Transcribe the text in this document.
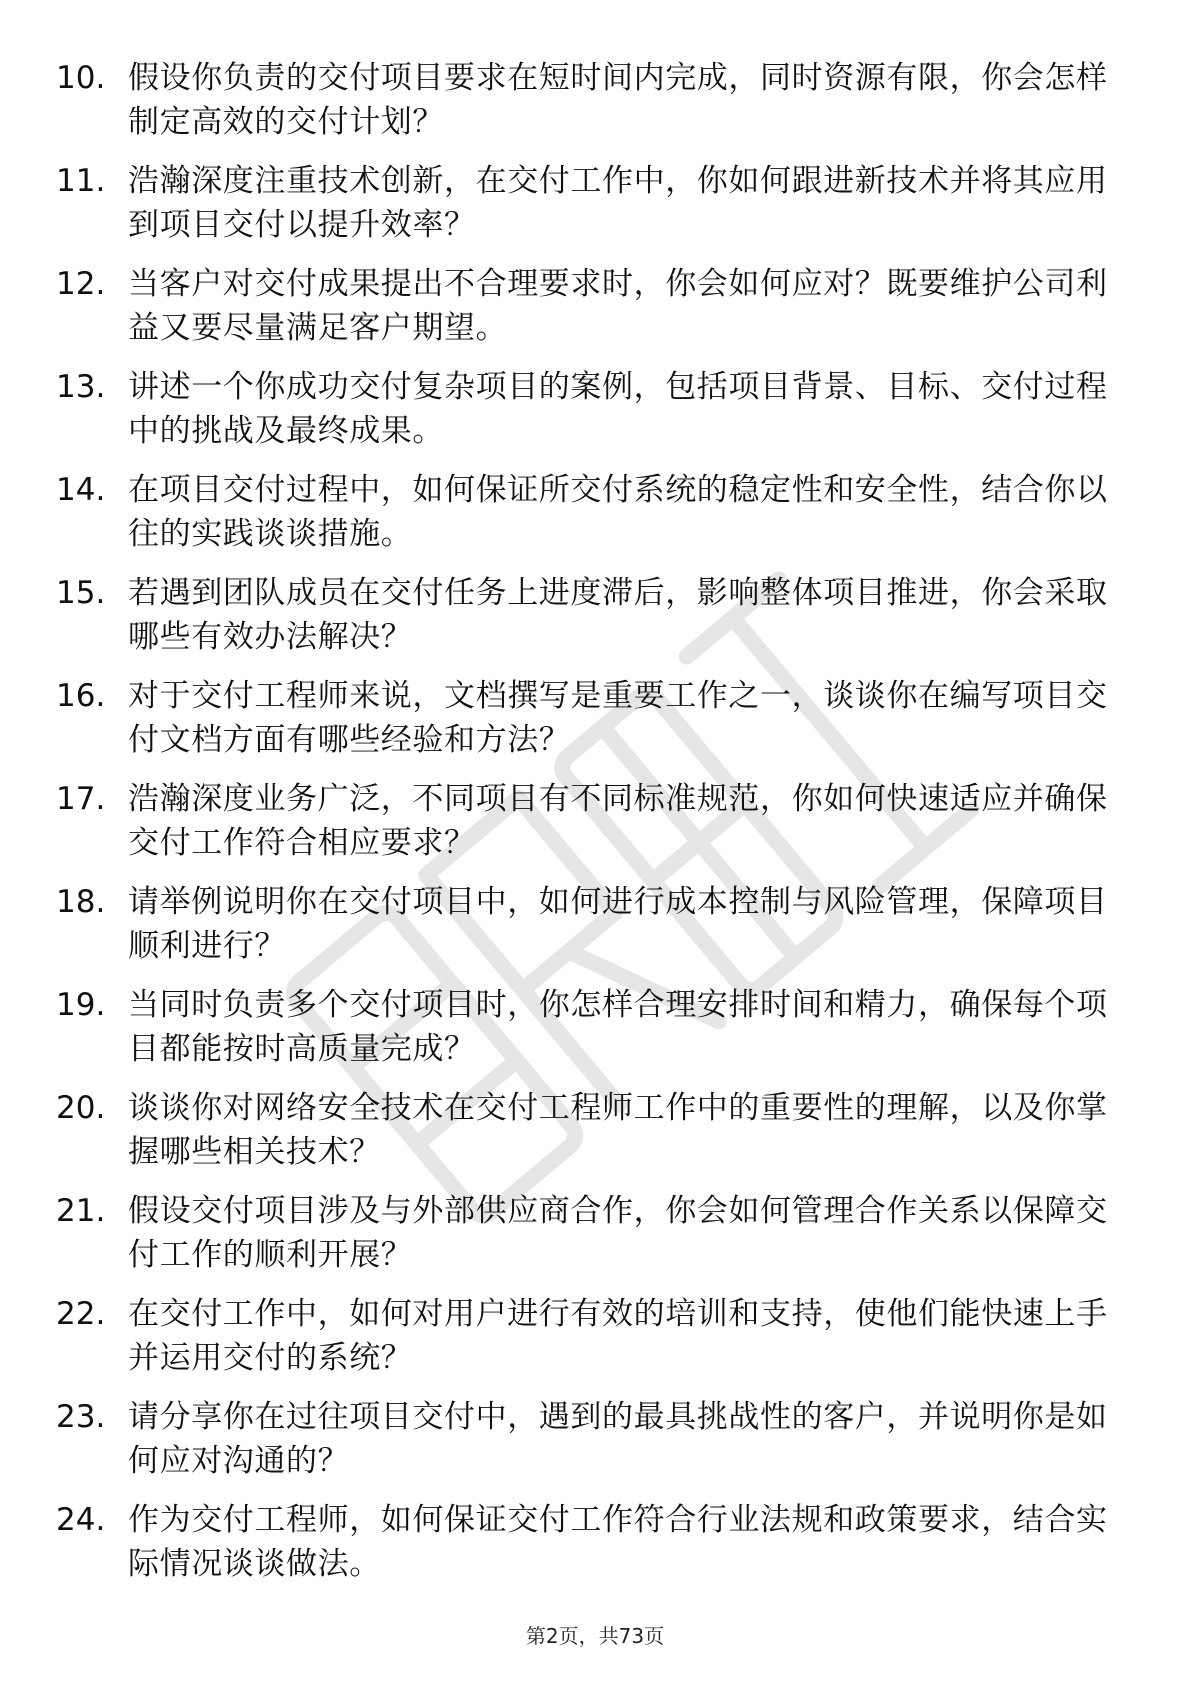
10. 假设你负责的交付项目要求在短时间内完成，同时资源有限，你会怎样制定高效的交付计划？
11. 浩瀚深度注重技术创新，在交付工作中，你如何跟进新技术并将其应用到项目交付以提升效率？
12. 当客户对交付成果提出不合理要求时，你会如何应对？既要维护公司利益又要尽量满足客户期望。
13. 讲述一个你成功交付复杂项目的案例，包括项目背景、目标、交付过程中的挑战及最终成果。
14. 在项目交付过程中，如何保证所交付系统的稳定性和安全性，结合你以往的实践谈谈措施。
15. 若遇到团队成员在交付任务上进度滞后，影响整体项目推进，你会采取哪些有效办法解决？
16. 对于交付工程师来说，文档撰写是重要工作之一，谈谈你在编写项目交付文档方面有哪些经验和方法？
17. 浩瀚深度业务广泛，不同项目有不同标准规范，你如何快速适应并确保交付工作符合相应要求？
18. 请举例说明你在交付项目中，如何进行成本控制与风险管理，保障项目顺利进行？
19. 当同时负责多个交付项目时，你怎样合理安排时间和精力，确保每个项目都能按时高质量完成？
20. 谈谈你对网络安全技术在交付工程师工作中的重要性的理解，以及你掌握哪些相关技术？
21. 假设交付项目涉及与外部供应商合作，你会如何管理合作关系以保障交付工作的顺利开展？
22. 在交付工作中，如何对用户进行有效的培训和支持，使他们能快速上手并运用交付的系统？
23. 请分享你在过往项目交付中，遇到的最具挑战性的客户，并说明你是如何应对沟通的？
24. 作为交付工程师，如何保证交付工作符合行业法规和政策要求，结合实际情况谈谈做法。
第2页，共73页
